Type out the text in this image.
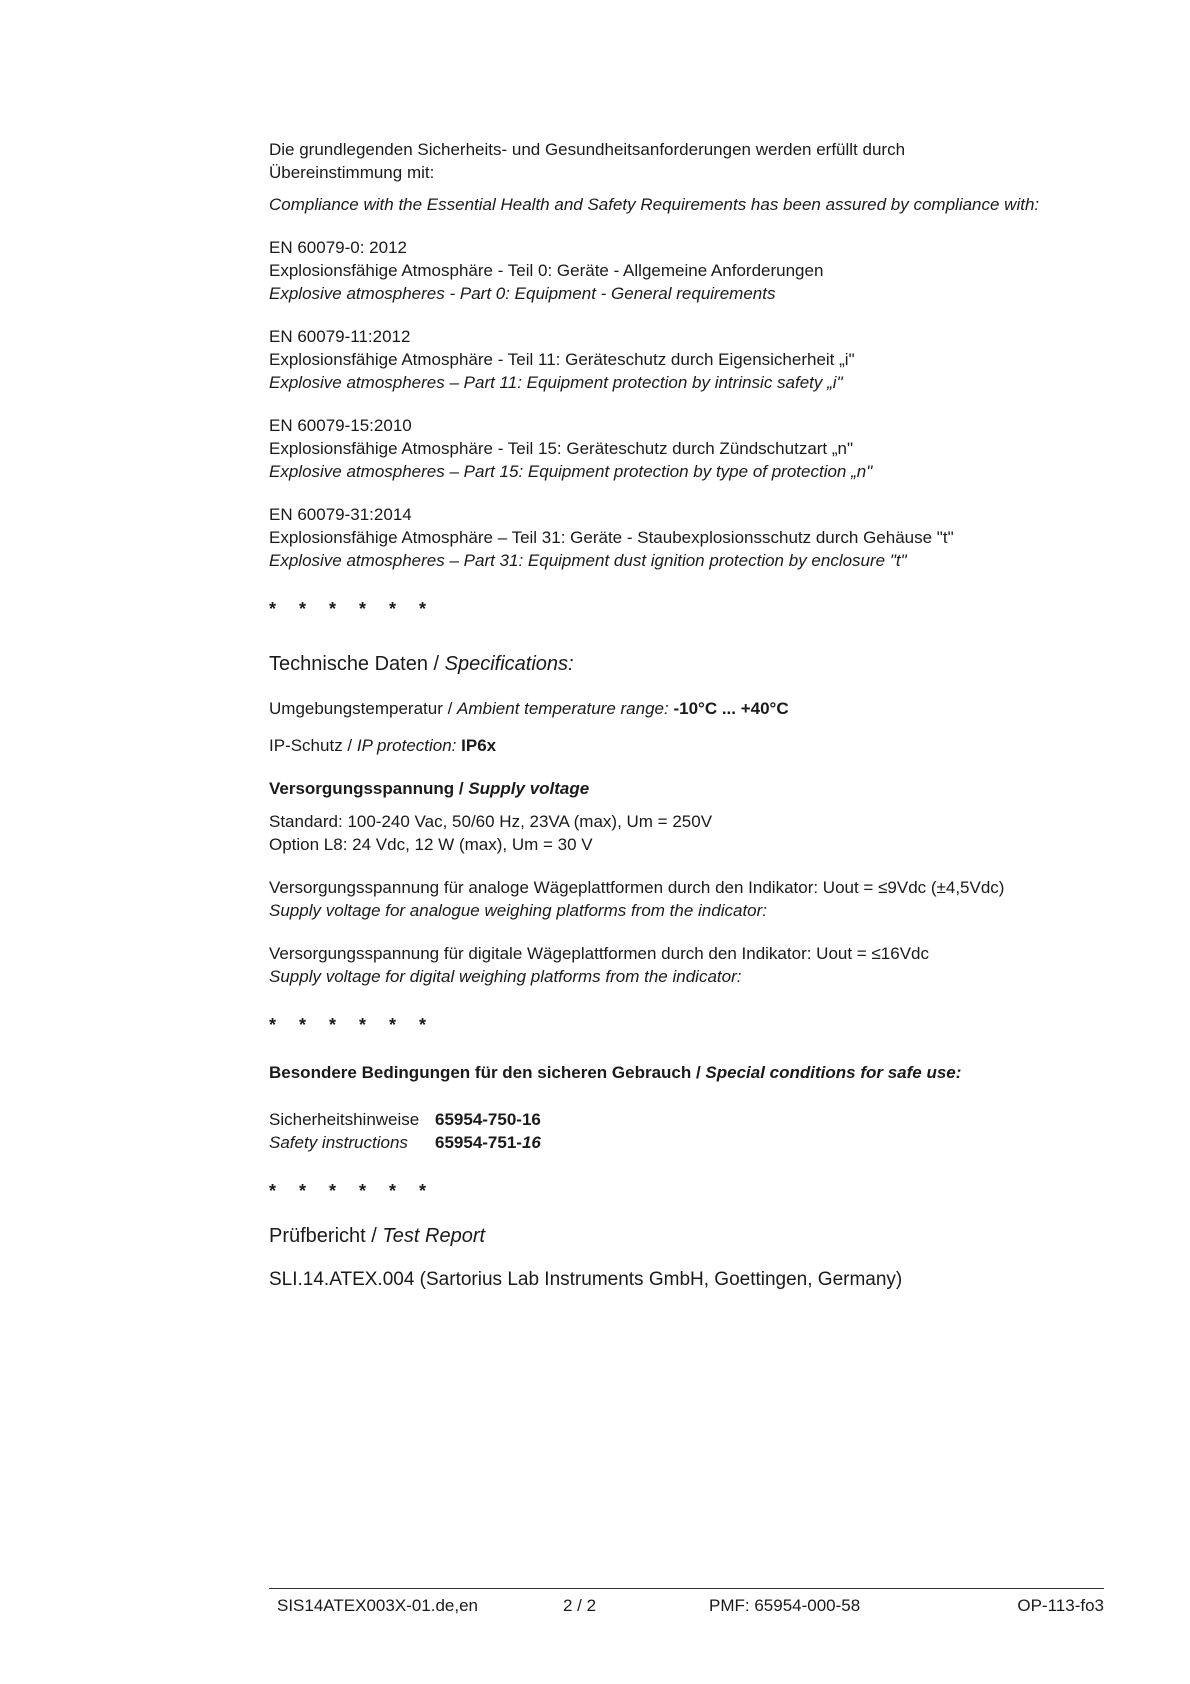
Die grundlegenden Sicherheits- und Gesundheitsanforderungen werden erfüllt durch
Übereinstimmung mit:
Compliance with the Essential Health and Safety Requirements has been assured by compliance with:
EN 60079-0: 2012
Explosionsfähige Atmosphäre - Teil 0: Geräte - Allgemeine Anforderungen
Explosive atmospheres - Part 0: Equipment - General requirements
EN 60079-11:2012
Explosionsfähige Atmosphäre - Teil 11: Geräteschutz durch Eigensicherheit „i"
Explosive atmospheres – Part 11: Equipment protection by intrinsic safety „i"
EN 60079-15:2010
Explosionsfähige Atmosphäre - Teil 15: Geräteschutz durch Zündschutzart „n"
Explosive atmospheres – Part 15: Equipment protection by type of protection „n"
EN 60079-31:2014
Explosionsfähige Atmosphäre – Teil 31: Geräte - Staubexplosionsschutz durch Gehäuse "t"
Explosive atmospheres – Part 31: Equipment dust ignition protection by enclosure "t"
* * * * * *
Technische Daten / Specifications:
Umgebungstemperatur / Ambient temperature range: -10°C ... +40°C
IP-Schutz / IP protection: IP6x
Versorgungsspannung / Supply voltage
Standard: 100-240 Vac, 50/60 Hz, 23VA (max), Um = 250V
Option L8: 24 Vdc, 12 W (max), Um = 30 V
Versorgungsspannung für analoge Wägeplattformen durch den Indikator: Uout = ≤9Vdc (±4,5Vdc)
Supply voltage for analogue weighing platforms from the indicator:
Versorgungsspannung für digitale Wägeplattformen durch den Indikator: Uout = ≤16Vdc
Supply voltage for digital weighing platforms from the indicator:
* * * * * *
Besondere Bedingungen für den sicheren Gebrauch / Special conditions for safe use:
Sicherheitshinweise 65954-750-16
Safety instructions 65954-751-16
* * * * * *
Prüfbericht / Test Report
SLI.14.ATEX.004 (Sartorius Lab Instruments GmbH, Goettingen, Germany)
SIS14ATEX003X-01.de,en	2 / 2	PMF: 65954-000-58	OP-113-fo3
